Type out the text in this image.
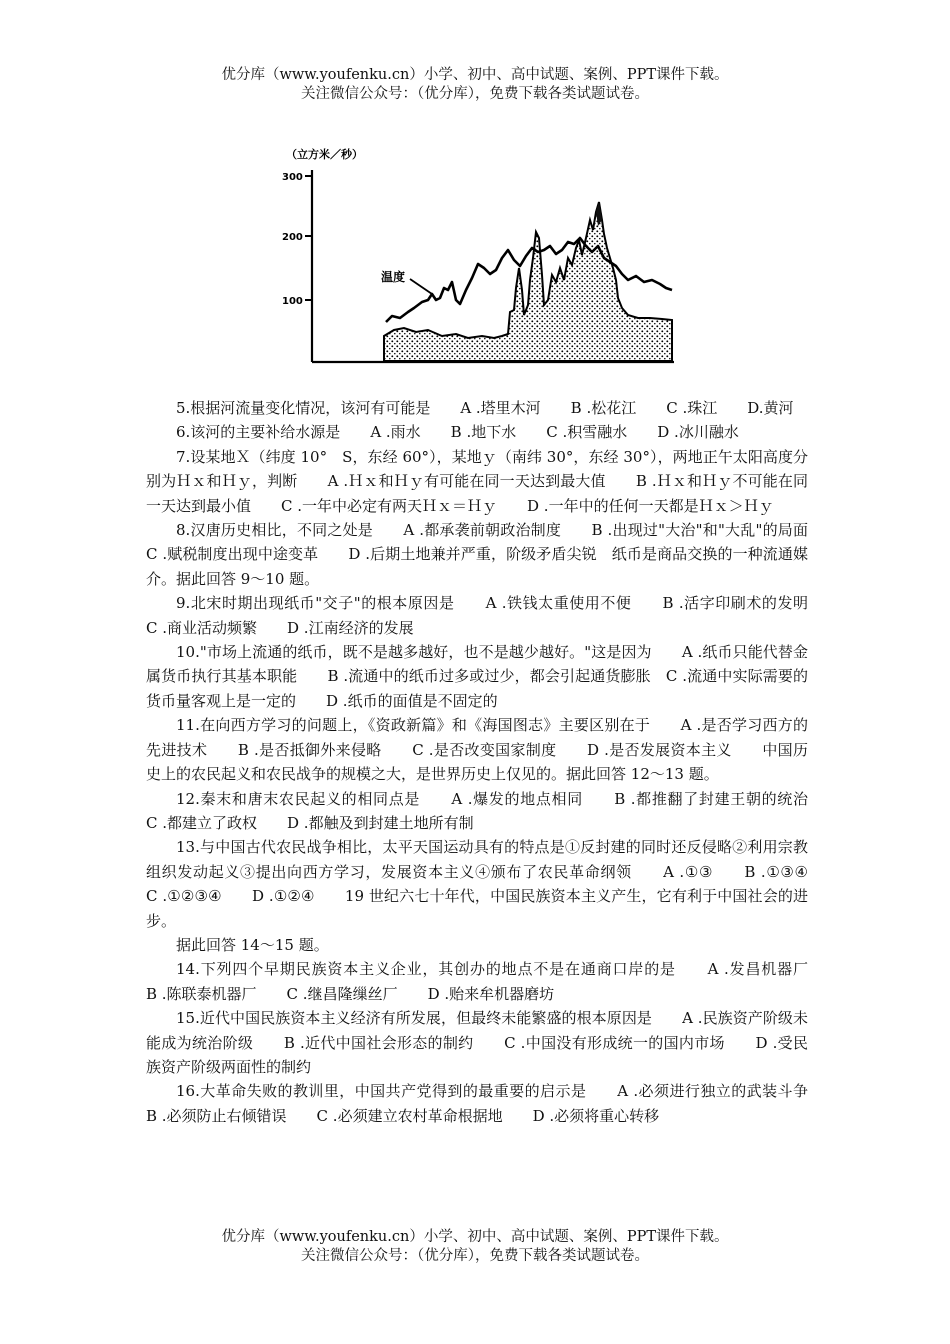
优分库（www.youfenku.cn）小学、初中、高中试题、案例、PPT课件下载。
关注微信公众号：（优分库），免费下载各类试题试卷。
（立方米／秒）
300
200
100
温度

5.根据河流量变化情况，该河有可能是　　A .塔里木河　　B .松花江　　C .珠江　　D.黄河

6.该河的主要补给水源是　　A .雨水　　B .地下水　　C .积雪融水　　D .冰川融水

7.设某地Ｘ（纬度 10°　S，东经 60°），某地ｙ（南纬 30°，东经 30°），两地正午太阳高度分别为Ｈｘ和Ｈｙ，判断　　A .Ｈｘ和Ｈｙ有可能在同一天达到最大值　　B .Ｈｘ和Ｈｙ不可能在同一天达到最小值　　C .一年中必定有两天Ｈｘ＝Ｈｙ　　D .一年中的任何一天都是Ｈｘ＞Ｈｙ

8.汉唐历史相比，不同之处是　　A .都承袭前朝政治制度　　B .出现过"大治"和"大乱"的局面　　C .赋税制度出现中途变革　　D .后期土地兼并严重，阶级矛盾尖锐　纸币是商品交换的一种流通媒介。据此回答 9～10 题。

9.北宋时期出现纸币"交子"的根本原因是　　A .铁钱太重使用不便　　B .活字印刷术的发明　　C .商业活动频繁　　D .江南经济的发展

10."市场上流通的纸币，既不是越多越好，也不是越少越好。"这是因为　　A .纸币只能代替金属货币执行其基本职能　　B .流通中的纸币过多或过少，都会引起通货膨胀　C .流通中实际需要的货币量客观上是一定的　　D .纸币的面值是不固定的

11.在向西方学习的问题上，《资政新篇》和《海国图志》主要区别在于　　A .是否学习西方的先进技术　　B .是否抵御外来侵略　　C .是否改变国家制度　　D .是否发展资本主义　　中国历史上的农民起义和农民战争的规模之大，是世界历史上仅见的。据此回答 12～13 题。

12.秦末和唐末农民起义的相同点是　　A .爆发的地点相同　　B .都推翻了封建王朝的统治　　C .都建立了政权　　D .都触及到封建土地所有制

13.与中国古代农民战争相比，太平天国运动具有的特点是①反封建的同时还反侵略②利用宗教组织发动起义③提出向西方学习，发展资本主义④颁布了农民革命纲领　　A .①③　　B .①③④　　C .①②③④　　D .①②④　　19 世纪六七十年代，中国民族资本主义产生，它有利于中国社会的进步。

据此回答 14～15 题。

14.下列四个早期民族资本主义企业，其创办的地点不是在通商口岸的是　　A .发昌机器厂　　B .陈联泰机器厂　　C .继昌隆缫丝厂　　D .贻来牟机器磨坊

15.近代中国民族资本主义经济有所发展，但最终未能繁盛的根本原因是　　A .民族资产阶级未能成为统治阶级　　B .近代中国社会形态的制约　　C .中国没有形成统一的国内市场　　D .受民族资产阶级两面性的制约

16.大革命失败的教训里，中国共产党得到的最重要的启示是　　A .必须进行独立的武装斗争　　B .必须防止右倾错误　　C .必须建立农村革命根据地　　D .必须将重心转移

优分库（www.youfenku.cn）小学、初中、高中试题、案例、PPT课件下载。
关注微信公众号：（优分库），免费下载各类试题试卷。
